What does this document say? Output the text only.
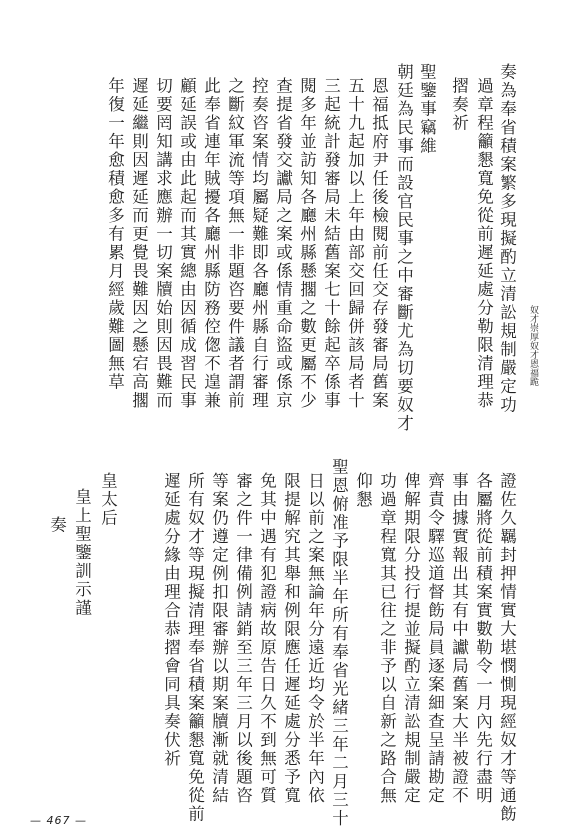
奏為奉省積案繁多現擬酌立清訟規制嚴定功
過章程籲懇寬免從前遲延處分勒限清理恭
摺奏祈
聖鑒事竊維
朝廷為民事而設官民事之中審斷尤為切要奴才
恩福抵府尹任後檢閱前任交存發審局舊案
五十九起加以上年由部交回歸併該局者十
三起統計發審局未結舊案七十餘起卒係事
閱多年並訪知各廳州縣懸擱之數更屬不少
查提省發交讞局之案或係情重命盜或係京
控奏咨案情均屬疑難即各廳州縣自行審理
之斷紋軍流等項無一非題咨要件議者謂前
此奉省連年賊擾各廳州縣防務倥偬不遑兼
顧延誤或由此起而其實總由因循成習民事
切要罔知講求應辦一切案牘始則因畏難而
遲延繼則因遲延而更覺畏難因之懸宕高擱
年復一年愈積愈多有累月經歲難圖無草
證佐久羈封押情實大堪憫惻現經奴才等通飭
各屬將從前積案實數勒令一月內先行盡明
事由據實報出其有中讞局舊案大半被證不
齊責令驛巡道督飭局員逐案細查呈請勘定
俾解期限分投行提並擬酌立清訟規制嚴定
功過章程寬其已往之非予以自新之路合無
仰懇
聖恩俯准予限半年所有奉省光緒三年二月三十
日以前之案無論年分遠近均令於半年內依
限提解究其舉和例限應任遲延處分悉予寬
免其中遇有犯證病故原告日久不到無可質
審之件一律備例請銷至三年三月以後題咨
等案仍遵定例扣限審辦以期案牘漸就清結
所有奴才等現擬清理奉省積案籲懇寬免從前
遲延處分緣由理合恭摺會同具奏伏祈
皇太后
皇上聖鑒訓示謹
奏
奴才崇厚奴才恩福跪
— 467 —
